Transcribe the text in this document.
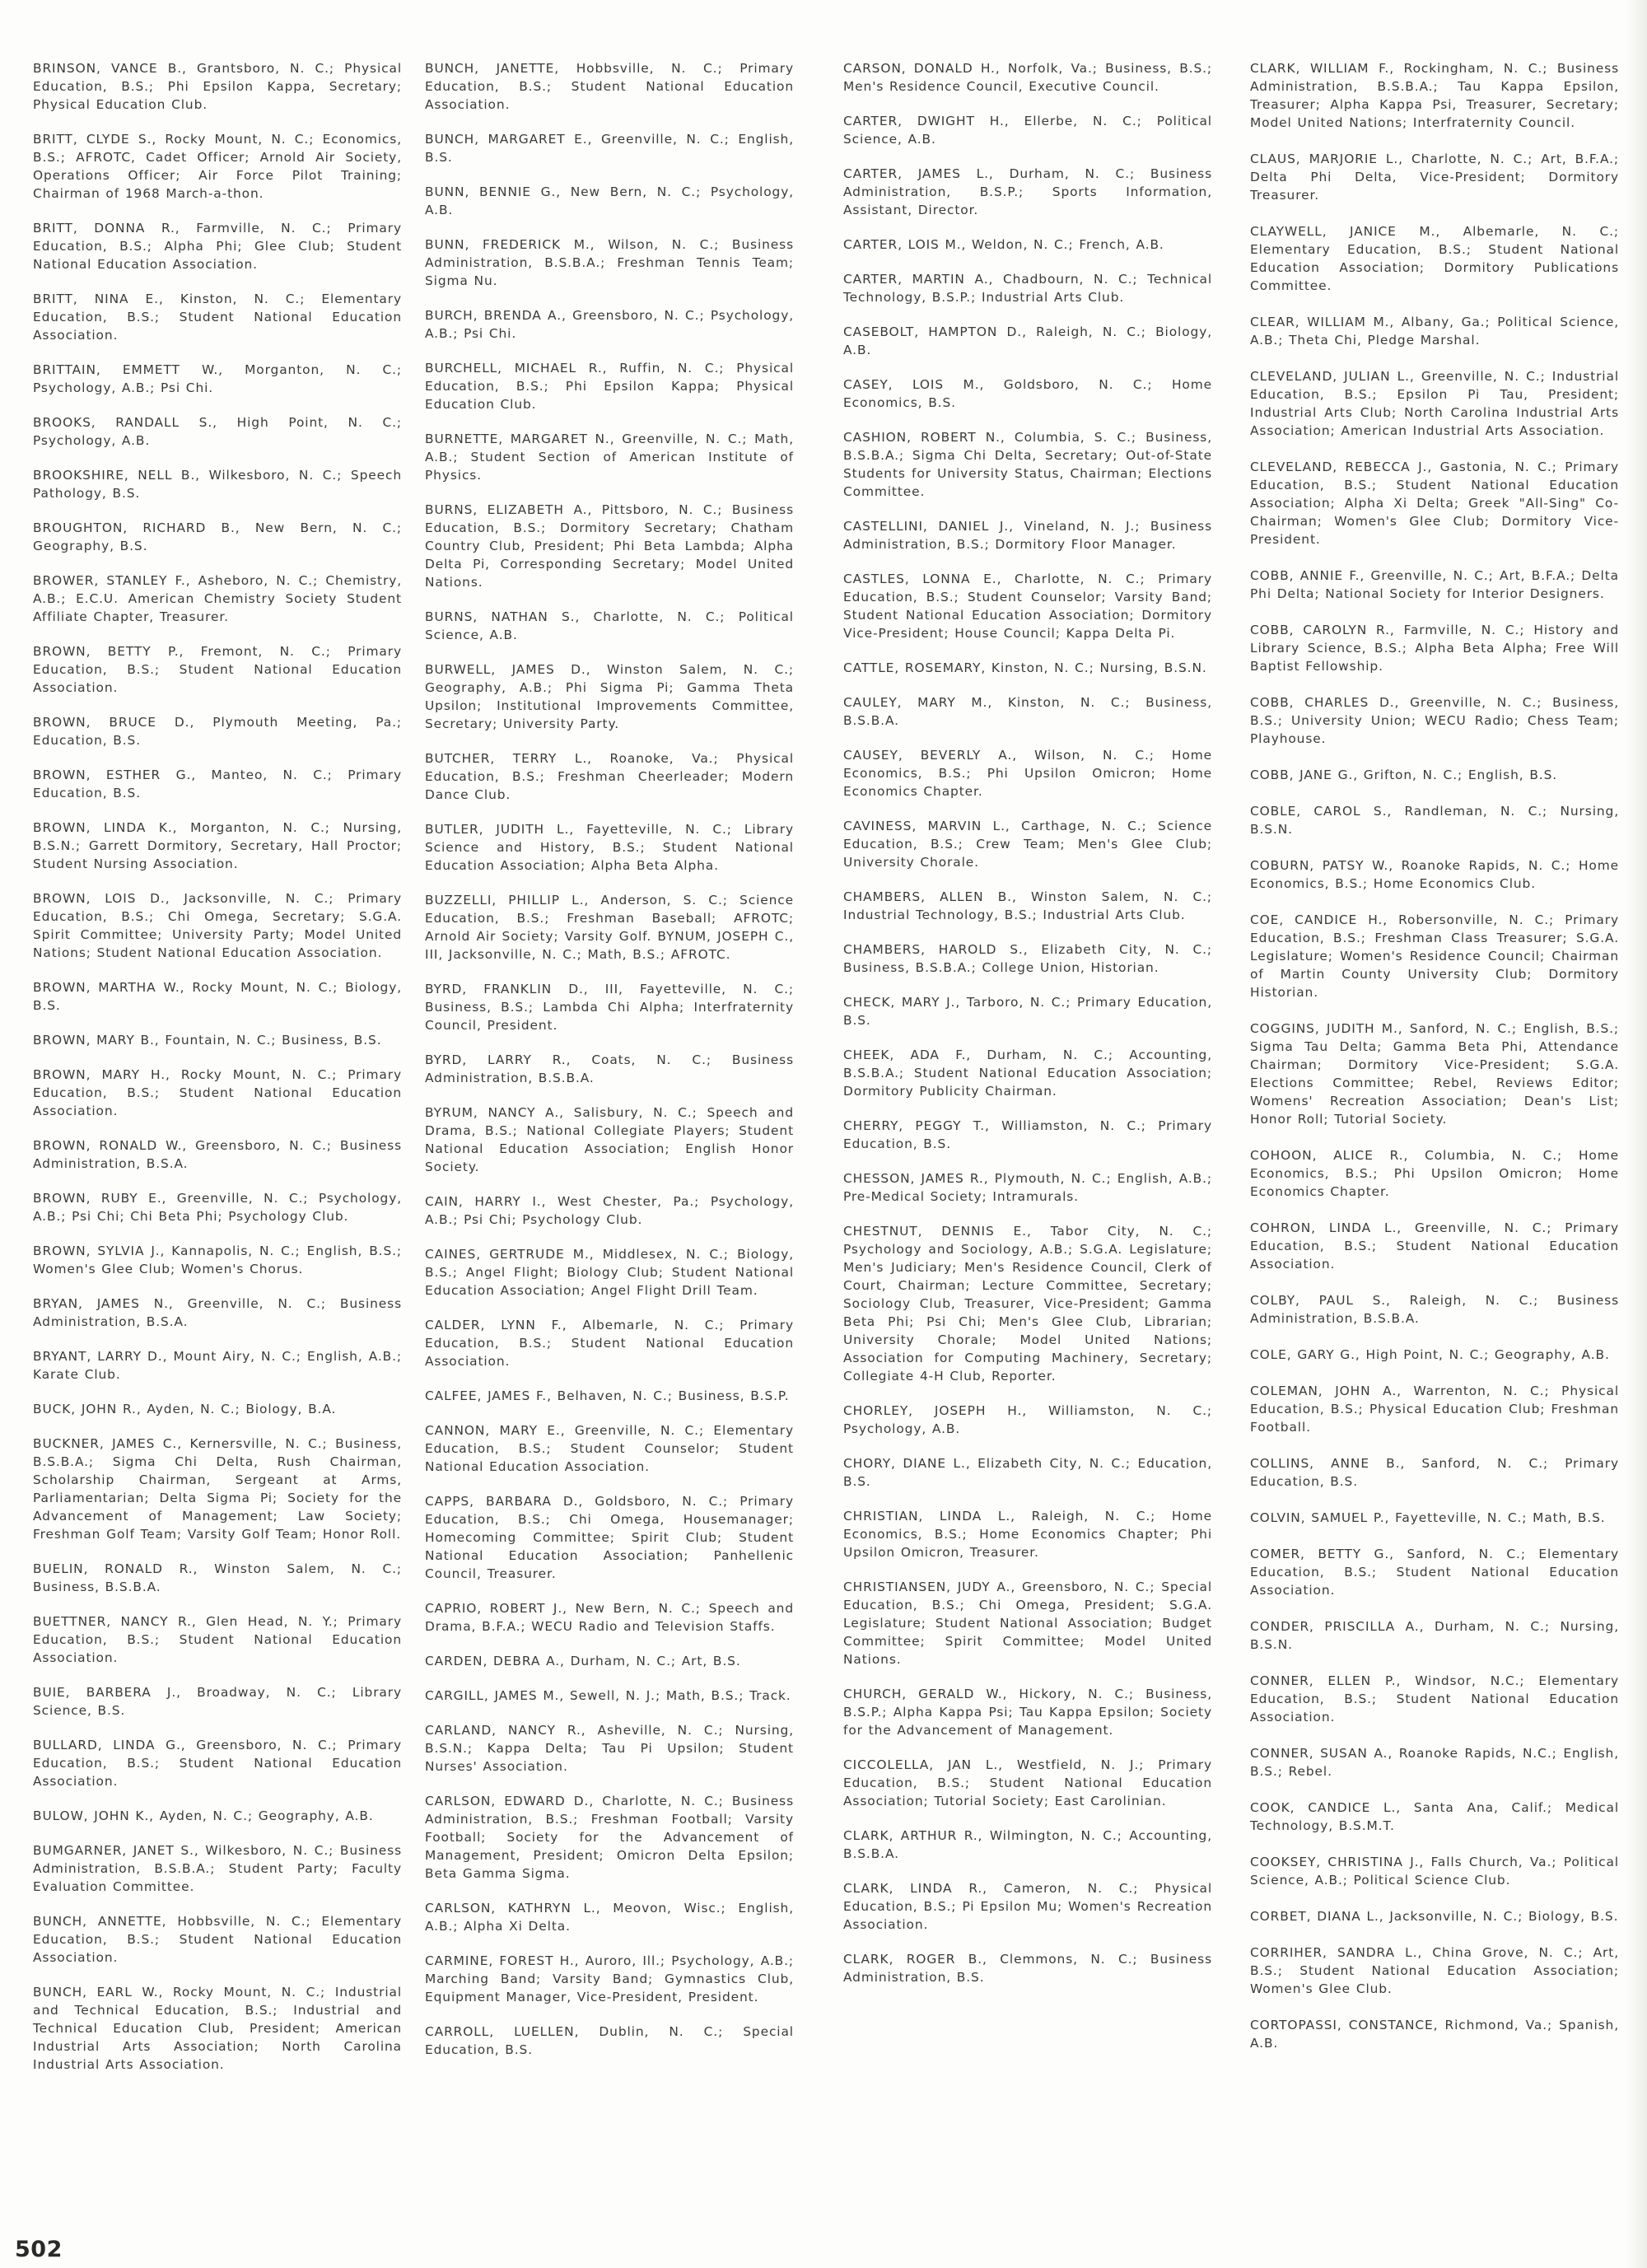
BRINSON, VANCE B., Grantsboro, N. C.; Physical Education, B.S.; Phi Epsilon Kappa, Secretary; Physical Education Club.

BRITT, CLYDE S., Rocky Mount, N. C.; Economics, B.S.; AFROTC, Cadet Officer; Arnold Air Society, Operations Officer; Air Force Pilot Training; Chairman of 1968 March-a-thon.

BRITT, DONNA R., Farmville, N. C.; Primary Education, B.S.; Alpha Phi; Glee Club; Student National Education Association.

BRITT, NINA E., Kinston, N. C.; Elementary Education, B.S.; Student National Education Association.

BRITTAIN, EMMETT W., Morganton, N. C.; Psychology, A.B.; Psi Chi.

BROOKS, RANDALL S., High Point, N. C.; Psychology, A.B.

BROOKSHIRE, NELL B., Wilkesboro, N. C.; Speech Pathology, B.S.

BROUGHTON, RICHARD B., New Bern, N. C.; Geography, B.S.

BROWER, STANLEY F., Asheboro, N. C.; Chemistry, A.B.; E.C.U. American Chemistry Society Student Affiliate Chapter, Treasurer.

BROWN, BETTY P., Fremont, N. C.; Primary Education, B.S.; Student National Education Association.

BROWN, BRUCE D., Plymouth Meeting, Pa.; Education, B.S.

BROWN, ESTHER G., Manteo, N. C.; Primary Education, B.S.

BROWN, LINDA K., Morganton, N. C.; Nursing, B.S.N.; Garrett Dormitory, Secretary, Hall Proctor; Student Nursing Association.

BROWN, LOIS D., Jacksonville, N. C.; Primary Education, B.S.; Chi Omega, Secretary; S.G.A. Spirit Committee; University Party; Model United Nations; Student National Education Association.

BROWN, MARTHA W., Rocky Mount, N. C.; Biology, B.S.

BROWN, MARY B., Fountain, N. C.; Business, B.S.

BROWN, MARY H., Rocky Mount, N. C.; Primary Education, B.S.; Student National Education Association.

BROWN, RONALD W., Greensboro, N. C.; Business Administration, B.S.A.

BROWN, RUBY E., Greenville, N. C.; Psychology, A.B.; Psi Chi; Chi Beta Phi; Psychology Club.

BROWN, SYLVIA J., Kannapolis, N. C.; English, B.S.; Women's Glee Club; Women's Chorus.

BRYAN, JAMES N., Greenville, N. C.; Business Administration, B.S.A.

BRYANT, LARRY D., Mount Airy, N. C.; English, A.B.; Karate Club.

BUCK, JOHN R., Ayden, N. C.; Biology, B.A.

BUCKNER, JAMES C., Kernersville, N. C.; Business, B.S.B.A.; Sigma Chi Delta, Rush Chairman, Scholarship Chairman, Sergeant at Arms, Parliamentarian; Delta Sigma Pi; Society for the Advancement of Management; Law Society; Freshman Golf Team; Varsity Golf Team; Honor Roll.

BUELIN, RONALD R., Winston Salem, N. C.; Business, B.S.B.A.

BUETTNER, NANCY R., Glen Head, N. Y.; Primary Education, B.S.; Student National Education Association.

BUIE, BARBERA J., Broadway, N. C.; Library Science, B.S.

BULLARD, LINDA G., Greensboro, N. C.; Primary Education, B.S.; Student National Education Association.

BULOW, JOHN K., Ayden, N. C.; Geography, A.B.

BUMGARNER, JANET S., Wilkesboro, N. C.; Business Administration, B.S.B.A.; Student Party; Faculty Evaluation Committee.

BUNCH, ANNETTE, Hobbsville, N. C.; Elementary Education, B.S.; Student National Education Association.

BUNCH, EARL W., Rocky Mount, N. C.; Industrial and Technical Education, B.S.; Industrial and Technical Education Club, President; American Industrial Arts Association; North Carolina Industrial Arts Association.

BUNCH, JANETTE, Hobbsville, N. C.; Primary Education, B.S.; Student National Education Association.

BUNCH, MARGARET E., Greenville, N. C.; English, B.S.

BUNN, BENNIE G., New Bern, N. C.; Psychology, A.B.

BUNN, FREDERICK M., Wilson, N. C.; Business Administration, B.S.B.A.; Freshman Tennis Team; Sigma Nu.

BURCH, BRENDA A., Greensboro, N. C.; Psychology, A.B.; Psi Chi.

BURCHELL, MICHAEL R., Ruffin, N. C.; Physical Education, B.S.; Phi Epsilon Kappa; Physical Education Club.

BURNETTE, MARGARET N., Greenville, N. C.; Math, A.B.; Student Section of American Institute of Physics.

BURNS, ELIZABETH A., Pittsboro, N. C.; Business Education, B.S.; Dormitory Secretary; Chatham Country Club, President; Phi Beta Lambda; Alpha Delta Pi, Corresponding Secretary; Model United Nations.

BURNS, NATHAN S., Charlotte, N. C.; Political Science, A.B.

BURWELL, JAMES D., Winston Salem, N. C.; Geography, A.B.; Phi Sigma Pi; Gamma Theta Upsilon; Institutional Improvements Committee, Secretary; University Party.

BUTCHER, TERRY L., Roanoke, Va.; Physical Education, B.S.; Freshman Cheerleader; Modern Dance Club.

BUTLER, JUDITH L., Fayetteville, N. C.; Library Science and History, B.S.; Student National Education Association; Alpha Beta Alpha.

BUZZELLI, PHILLIP L., Anderson, S. C.; Science Education, B.S.; Freshman Baseball; AFROTC; Arnold Air Society; Varsity Golf. BYNUM, JOSEPH C., III, Jacksonville, N. C.; Math, B.S.; AFROTC.

BYRD, FRANKLIN D., III, Fayetteville, N. C.; Business, B.S.; Lambda Chi Alpha; Interfraternity Council, President.

BYRD, LARRY R., Coats, N. C.; Business Administration, B.S.B.A.

BYRUM, NANCY A., Salisbury, N. C.; Speech and Drama, B.S.; National Collegiate Players; Student National Education Association; English Honor Society.

CAIN, HARRY I., West Chester, Pa.; Psychology, A.B.; Psi Chi; Psychology Club.

CAINES, GERTRUDE M., Middlesex, N. C.; Biology, B.S.; Angel Flight; Biology Club; Student National Education Association; Angel Flight Drill Team.

CALDER, LYNN F., Albemarle, N. C.; Primary Education, B.S.; Student National Education Association.

CALFEE, JAMES F., Belhaven, N. C.; Business, B.S.P.

CANNON, MARY E., Greenville, N. C.; Elementary Education, B.S.; Student Counselor; Student National Education Association.

CAPPS, BARBARA D., Goldsboro, N. C.; Primary Education, B.S.; Chi Omega, Housemanager; Homecoming Committee; Spirit Club; Student National Education Association; Panhellenic Council, Treasurer.

CAPRIO, ROBERT J., New Bern, N. C.; Speech and Drama, B.F.A.; WECU Radio and Television Staffs.

CARDEN, DEBRA A., Durham, N. C.; Art, B.S.

CARGILL, JAMES M., Sewell, N. J.; Math, B.S.; Track.

CARLAND, NANCY R., Asheville, N. C.; Nursing, B.S.N.; Kappa Delta; Tau Pi Upsilon; Student Nurses' Association.

CARLSON, EDWARD D., Charlotte, N. C.; Business Administration, B.S.; Freshman Football; Varsity Football; Society for the Advancement of Management, President; Omicron Delta Epsilon; Beta Gamma Sigma.

CARLSON, KATHRYN L., Meovon, Wisc.; English, A.B.; Alpha Xi Delta.

CARMINE, FOREST H., Auroro, Ill.; Psychology, A.B.; Marching Band; Varsity Band; Gymnastics Club, Equipment Manager, Vice-President, President.

CARROLL, LUELLEN, Dublin, N. C.; Special Education, B.S.

CARSON, DONALD H., Norfolk, Va.; Business, B.S.; Men's Residence Council, Executive Council.

CARTER, DWIGHT H., Ellerbe, N. C.; Political Science, A.B.

CARTER, JAMES L., Durham, N. C.; Business Administration, B.S.P.; Sports Information, Assistant, Director.

CARTER, LOIS M., Weldon, N. C.; French, A.B.

CARTER, MARTIN A., Chadbourn, N. C.; Technical Technology, B.S.P.; Industrial Arts Club.

CASEBOLT, HAMPTON D., Raleigh, N. C.; Biology, A.B.

CASEY, LOIS M., Goldsboro, N. C.; Home Economics, B.S.

CASHION, ROBERT N., Columbia, S. C.; Business, B.S.B.A.; Sigma Chi Delta, Secretary; Out-of-State Students for University Status, Chairman; Elections Committee.

CASTELLINI, DANIEL J., Vineland, N. J.; Business Administration, B.S.; Dormitory Floor Manager.

CASTLES, LONNA E., Charlotte, N. C.; Primary Education, B.S.; Student Counselor; Varsity Band; Student National Education Association; Dormitory Vice-President; House Council; Kappa Delta Pi.

CATTLE, ROSEMARY, Kinston, N. C.; Nursing, B.S.N.

CAULEY, MARY M., Kinston, N. C.; Business, B.S.B.A.

CAUSEY, BEVERLY A., Wilson, N. C.; Home Economics, B.S.; Phi Upsilon Omicron; Home Economics Chapter.

CAVINESS, MARVIN L., Carthage, N. C.; Science Education, B.S.; Crew Team; Men's Glee Club; University Chorale.

CHAMBERS, ALLEN B., Winston Salem, N. C.; Industrial Technology, B.S.; Industrial Arts Club.

CHAMBERS, HAROLD S., Elizabeth City, N. C.; Business, B.S.B.A.; College Union, Historian.

CHECK, MARY J., Tarboro, N. C.; Primary Education, B.S.

CHEEK, ADA F., Durham, N. C.; Accounting, B.S.B.A.; Student National Education Association; Dormitory Publicity Chairman.

CHERRY, PEGGY T., Williamston, N. C.; Primary Education, B.S.

CHESSON, JAMES R., Plymouth, N. C.; English, A.B.; Pre-Medical Society; Intramurals.

CHESTNUT, DENNIS E., Tabor City, N. C.; Psychology and Sociology, A.B.; S.G.A. Legislature; Men's Judiciary; Men's Residence Council, Clerk of Court, Chairman; Lecture Committee, Secretary; Sociology Club, Treasurer, Vice-President; Gamma Beta Phi; Psi Chi; Men's Glee Club, Librarian; University Chorale; Model United Nations; Association for Computing Machinery, Secretary; Collegiate 4-H Club, Reporter.

CHORLEY, JOSEPH H., Williamston, N. C.; Psychology, A.B.

CHORY, DIANE L., Elizabeth City, N. C.; Education, B.S.

CHRISTIAN, LINDA L., Raleigh, N. C.; Home Economics, B.S.; Home Economics Chapter; Phi Upsilon Omicron, Treasurer.

CHRISTIANSEN, JUDY A., Greensboro, N. C.; Special Education, B.S.; Chi Omega, President; S.G.A. Legislature; Student National Association; Budget Committee; Spirit Committee; Model United Nations.

CHURCH, GERALD W., Hickory, N. C.; Business, B.S.P.; Alpha Kappa Psi; Tau Kappa Epsilon; Society for the Advancement of Management.

CICCOLELLA, JAN L., Westfield, N. J.; Primary Education, B.S.; Student National Education Association; Tutorial Society; East Carolinian.

CLARK, ARTHUR R., Wilmington, N. C.; Accounting, B.S.B.A.

CLARK, LINDA R., Cameron, N. C.; Physical Education, B.S.; Pi Epsilon Mu; Women's Recreation Association.

CLARK, ROGER B., Clemmons, N. C.; Business Administration, B.S.

CLARK, WILLIAM F., Rockingham, N. C.; Business Administration, B.S.B.A.; Tau Kappa Epsilon, Treasurer; Alpha Kappa Psi, Treasurer, Secretary; Model United Nations; Interfraternity Council.

CLAUS, MARJORIE L., Charlotte, N. C.; Art, B.F.A.; Delta Phi Delta, Vice-President; Dormitory Treasurer.

CLAYWELL, JANICE M., Albemarle, N. C.; Elementary Education, B.S.; Student National Education Association; Dormitory Publications Committee.

CLEAR, WILLIAM M., Albany, Ga.; Political Science, A.B.; Theta Chi, Pledge Marshal.

CLEVELAND, JULIAN L., Greenville, N. C.; Industrial Education, B.S.; Epsilon Pi Tau, President; Industrial Arts Club; North Carolina Industrial Arts Association; American Industrial Arts Association.

CLEVELAND, REBECCA J., Gastonia, N. C.; Primary Education, B.S.; Student National Education Association; Alpha Xi Delta; Greek "All-Sing" Co-Chairman; Women's Glee Club; Dormitory Vice-President.

COBB, ANNIE F., Greenville, N. C.; Art, B.F.A.; Delta Phi Delta; National Society for Interior Designers.

COBB, CAROLYN R., Farmville, N. C.; History and Library Science, B.S.; Alpha Beta Alpha; Free Will Baptist Fellowship.

COBB, CHARLES D., Greenville, N. C.; Business, B.S.; University Union; WECU Radio; Chess Team; Playhouse.

COBB, JANE G., Grifton, N. C.; English, B.S.

COBLE, CAROL S., Randleman, N. C.; Nursing, B.S.N.

COBURN, PATSY W., Roanoke Rapids, N. C.; Home Economics, B.S.; Home Economics Club.

COE, CANDICE H., Robersonville, N. C.; Primary Education, B.S.; Freshman Class Treasurer; S.G.A. Legislature; Women's Residence Council; Chairman of Martin County University Club; Dormitory Historian.

COGGINS, JUDITH M., Sanford, N. C.; English, B.S.; Sigma Tau Delta; Gamma Beta Phi, Attendance Chairman; Dormitory Vice-President; S.G.A. Elections Committee; Rebel, Reviews Editor; Womens' Recreation Association; Dean's List; Honor Roll; Tutorial Society.

COHOON, ALICE R., Columbia, N. C.; Home Economics, B.S.; Phi Upsilon Omicron; Home Economics Chapter.

COHRON, LINDA L., Greenville, N. C.; Primary Education, B.S.; Student National Education Association.

COLBY, PAUL S., Raleigh, N. C.; Business Administration, B.S.B.A.

COLE, GARY G., High Point, N. C.; Geography, A.B.

COLEMAN, JOHN A., Warrenton, N. C.; Physical Education, B.S.; Physical Education Club; Freshman Football.

COLLINS, ANNE B., Sanford, N. C.; Primary Education, B.S.

COLVIN, SAMUEL P., Fayetteville, N. C.; Math, B.S.

COMER, BETTY G., Sanford, N. C.; Elementary Education, B.S.; Student National Education Association.

CONDER, PRISCILLA A., Durham, N. C.; Nursing, B.S.N.

CONNER, ELLEN P., Windsor, N.C.; Elementary Education, B.S.; Student National Education Association.

CONNER, SUSAN A., Roanoke Rapids, N.C.; English, B.S.; Rebel.

COOK, CANDICE L., Santa Ana, Calif.; Medical Technology, B.S.M.T.

COOKSEY, CHRISTINA J., Falls Church, Va.; Political Science, A.B.; Political Science Club.

CORBET, DIANA L., Jacksonville, N. C.; Biology, B.S.

CORRIHER, SANDRA L., China Grove, N. C.; Art, B.S.; Student National Education Association; Women's Glee Club.

CORTOPASSI, CONSTANCE, Richmond, Va.; Spanish, A.B.

502
